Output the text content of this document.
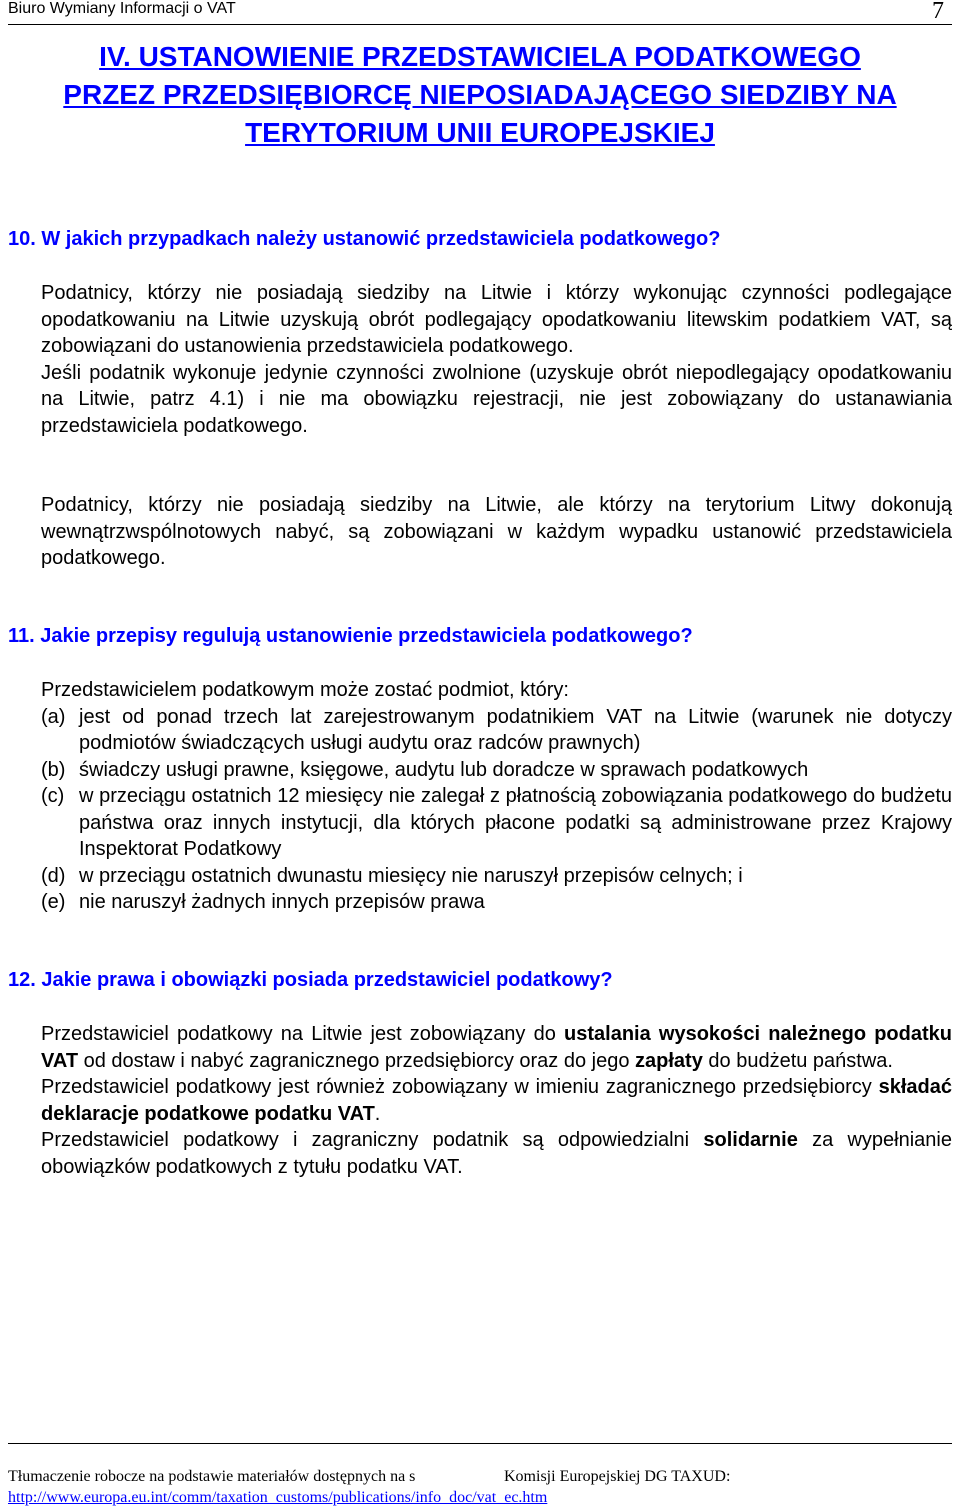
Biuro Wymiany Informacji o VAT	7
IV. USTANOWIENIE PRZEDSTAWICIELA PODATKOWEGO
PRZEZ PRZEDSIĘBIORCĘ NIEPOSIADAJĄCEGO SIEDZIBY NA
TERYTORIUM UNII EUROPEJSKIEJ
10. W jakich przypadkach należy ustanowić przedstawiciela podatkowego?

Podatnicy, którzy nie posiadają siedziby na Litwie i którzy wykonując czynności podlegające opodatkowaniu na Litwie uzyskują obrót podlegający opodatkowaniu litewskim podatkiem VAT, są zobowiązani do ustanowienia przedstawiciela podatkowego.

Jeśli podatnik wykonuje jedynie czynności zwolnione (uzyskuje obrót niepodlegający opodatkowaniu na Litwie, patrz 4.1) i nie ma obowiązku rejestracji, nie jest zobowiązany do ustanawiania przedstawiciela podatkowego.

Podatnicy, którzy nie posiadają siedziby na Litwie, ale którzy na terytorium Litwy dokonują wewnątrzwspólnotowych nabyć, są zobowiązani w każdym wypadku ustanowić przedstawiciela podatkowego.

11. Jakie przepisy regulują ustanowienie przedstawiciela podatkowego?

Przedstawicielem podatkowym może zostać podmiot, który:

(a) jest od ponad trzech lat zarejestrowanym podatnikiem VAT na Litwie (warunek nie dotyczy podmiotów świadczących usługi audytu oraz radców prawnych)
(b) świadczy usługi prawne, księgowe, audytu lub doradcze w sprawach podatkowych
(c) w przeciągu ostatnich 12 miesięcy nie zalegał z płatnością zobowiązania podatkowego do budżetu państwa oraz innych instytucji, dla których płacone podatki są administrowane przez Krajowy Inspektorat Podatkowy
(d) w przeciągu ostatnich dwunastu miesięcy nie naruszył przepisów celnych; i
(e) nie naruszył żadnych innych przepisów prawa
12. Jakie prawa i obowiązki posiada przedstawiciel podatkowy?

Przedstawiciel podatkowy na Litwie jest zobowiązany do ustalania wysokości należnego podatku VAT od dostaw i nabyć zagranicznego przedsiębiorcy oraz do jego zapłaty do budżetu państwa.

Przedstawiciel podatkowy jest również zobowiązany w imieniu zagranicznego przedsiębiorcy składać deklaracje podatkowe podatku VAT.

Przedstawiciel podatkowy i zagraniczny podatnik są odpowiedzialni solidarnie za wypełnianie obowiązków podatkowych z tytułu podatku VAT.

Tłumaczenie robocze na podstawie materiałów dostępnych na s	Komisji Europejskiej DG TAXUD:
http://www.europa.eu.int/comm/taxation_customs/publications/info_doc/vat_ec.htm
